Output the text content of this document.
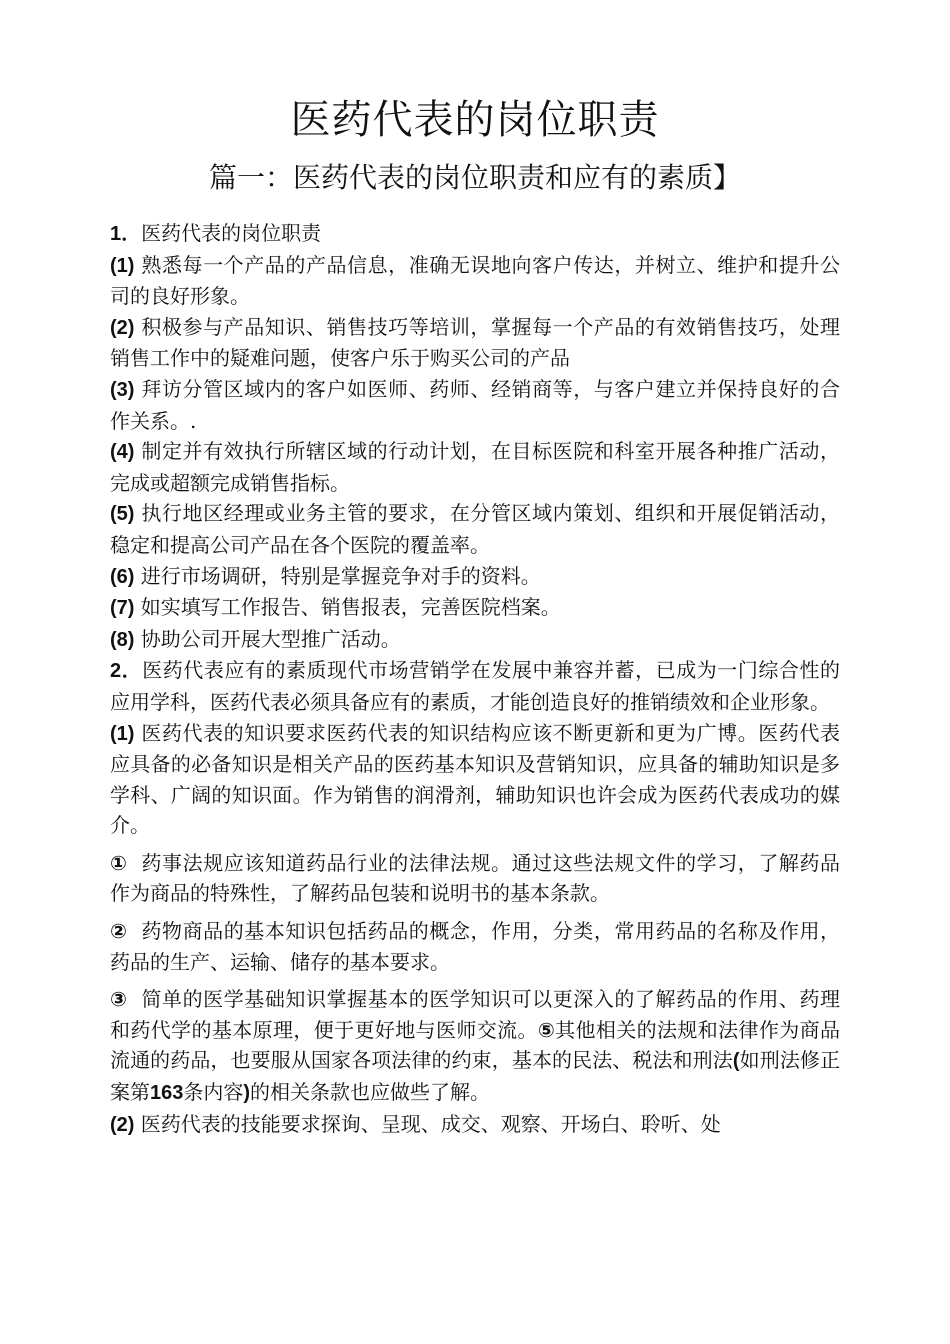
医药代表的岗位职责
篇一：医药代表的岗位职责和应有的素质】

1．医药代表的岗位职责

(1) 熟悉每一个产品的产品信息，准确无误地向客户传达，并树立、维护和提升公司的良好形象。

(2) 积极参与产品知识、销售技巧等培训，掌握每一个产品的有效销售技巧，处理销售工作中的疑难问题，使客户乐于购买公司的产品

(3) 拜访分管区域内的客户如医师、药师、经销商等，与客户建立并保持良好的合作关系。.

(4) 制定并有效执行所辖区域的行动计划，在目标医院和科室开展各种推广活动，完成或超额完成销售指标。

(5) 执行地区经理或业务主管的要求，在分管区域内策划、组织和开展促销活动，稳定和提高公司产品在各个医院的覆盖率。

(6) 进行市场调研，特别是掌握竞争对手的资料。

(7) 如实填写工作报告、销售报表，完善医院档案。

(8) 协助公司开展大型推广活动。

2．医药代表应有的素质现代市场营销学在发展中兼容并蓄，已成为一门综合性的应用学科，医药代表必须具备应有的素质，才能创造良好的推销绩效和企业形象。

(1) 医药代表的知识要求医药代表的知识结构应该不断更新和更为广博。医药代表应具备的必备知识是相关产品的医药基本知识及营销知识，应具备的辅助知识是多学科、广阔的知识面。作为销售的润滑剂，辅助知识也许会成为医药代表成功的媒介。

① 药事法规应该知道药品行业的法律法规。通过这些法规文件的学习，了解药品作为商品的特殊性，了解药品包装和说明书的基本条款。

② 药物商品的基本知识包括药品的概念，作用，分类，常用药品的名称及作用，药品的生产、运输、储存的基本要求。

③ 简单的医学基础知识掌握基本的医学知识可以更深入的了解药品的作用、药理和药代学的基本原理，便于更好地与医师交流。⑤其他相关的法规和法律作为商品流通的药品，也要服从国家各项法律的约束，基本的民法、税法和刑法(如刑法修正案第163条内容)的相关条款也应做些了解。

(2) 医药代表的技能要求探询、呈现、成交、观察、开场白、聆听、处
